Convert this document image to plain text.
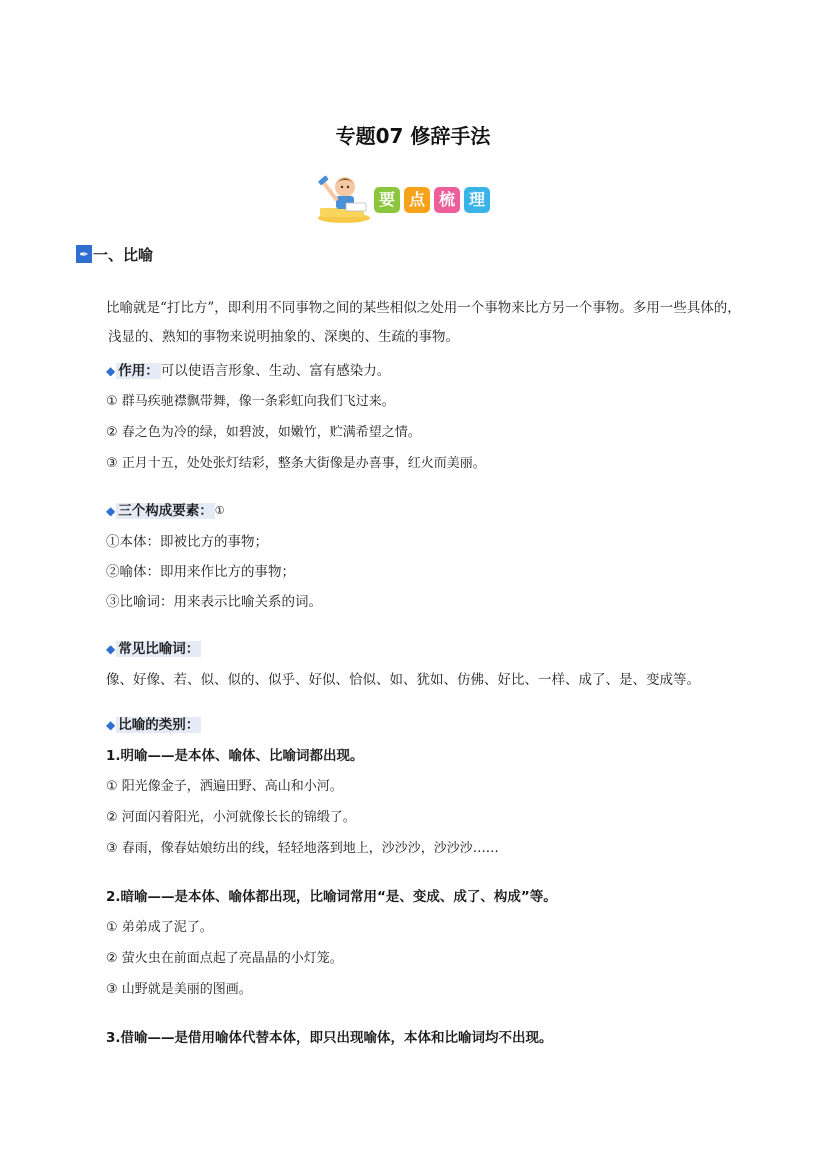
专题07 修辞手法
要 点 梳 理
✒ 一、比喻
比喻就是“打比方”，即利用不同事物之间的某些相似之处用一个事物来比方另一个事物。多用一些具体的，浅显的、熟知的事物来说明抽象的、深奥的、生疏的事物。
◆ 作用： 可以使语言形象、生动、富有感染力。
① 群马疾驰襟飘带舞，像一条彩虹向我们飞过来。
② 春之色为冷的绿，如碧波，如嫩竹，贮满希望之情。
③ 正月十五，处处张灯结彩，整条大街像是办喜事，红火而美丽。
◆ 三个构成要素： ①
①本体：即被比方的事物；
②喻体：即用来作比方的事物；
③比喻词：用来表示比喻关系的词。
◆ 常见比喻词：
像、好像、若、似、似的、似乎、好似、恰似、如、犹如、仿佛、好比、一样、成了、是、变成等。
◆ 比喻的类别：
1.明喻——是本体、喻体、比喻词都出现。
① 阳光像金子，洒遍田野、高山和小河。
② 河面闪着阳光，小河就像长长的锦缎了。
③ 春雨，像春姑娘纺出的线，轻轻地落到地上，沙沙沙，沙沙沙……
2.暗喻——是本体、喻体都出现，比喻词常用“是、变成、成了、构成”等。
① 弟弟成了泥了。
② 萤火虫在前面点起了亮晶晶的小灯笼。
③ 山野就是美丽的图画。
3.借喻——是借用喻体代替本体，即只出现喻体，本体和比喻词均不出现。
